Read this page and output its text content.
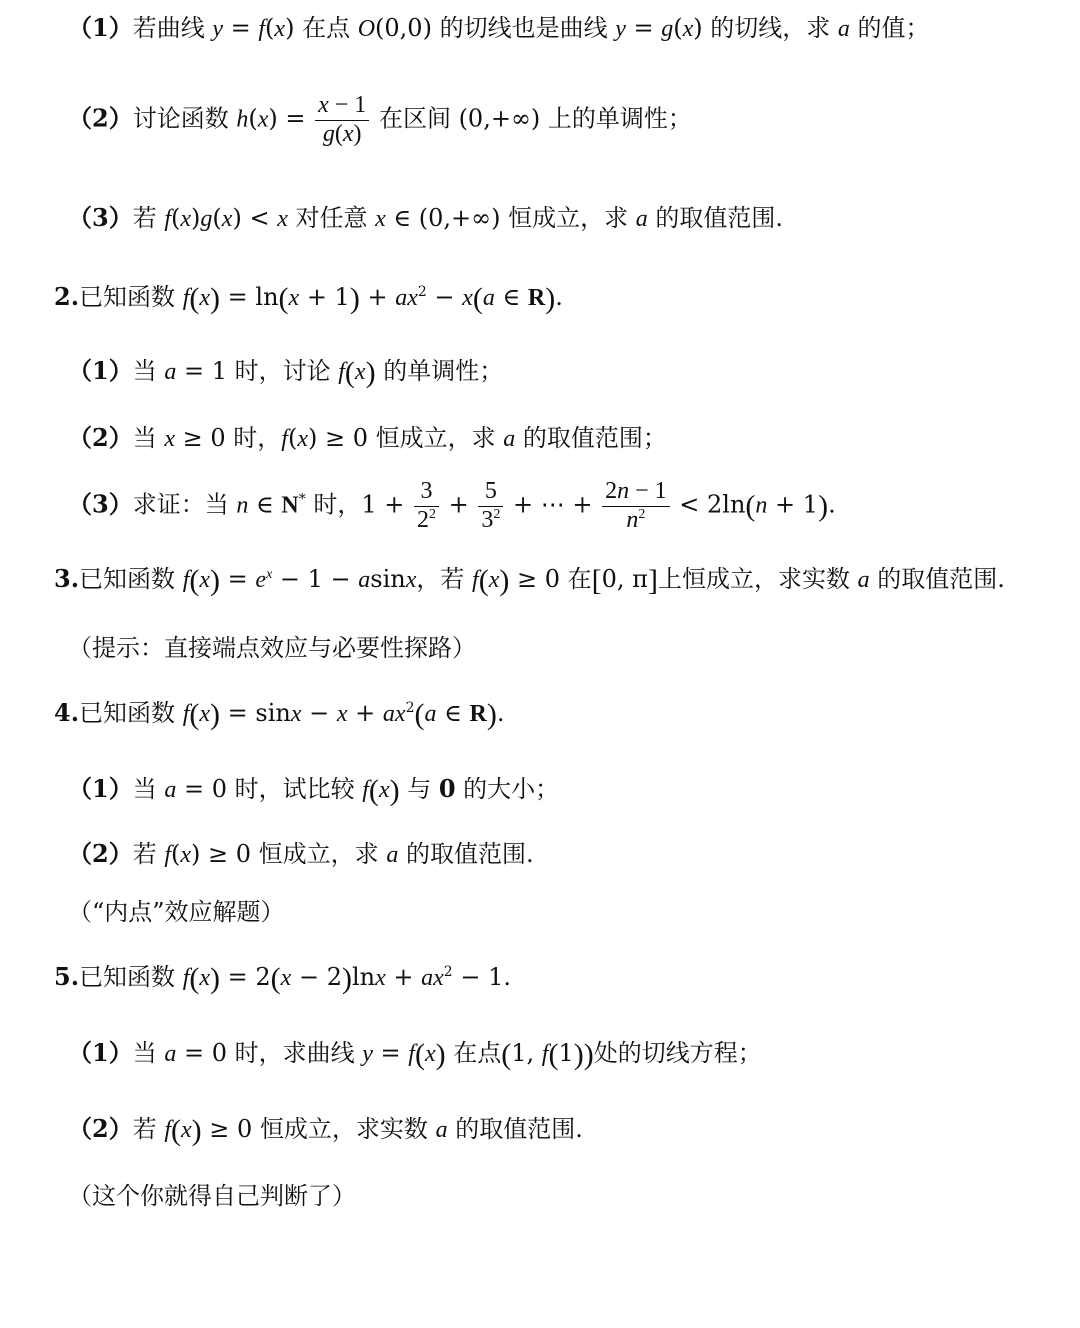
（1）若曲线 y = f(x) 在点 O(0,0) 的切线也是曲线 y = g(x) 的切线，求 a 的值；
（2）讨论函数 $h(x) = \frac{x - 1}{g(x)}$ 在区间 (0,+∞) 上的单调性；
（3）若 f(x)g(x) < x 对任意 x ∈ (0,+∞) 恒成立，求 a 的取值范围.
2.已知函数 $f(x) = \ln(x + 1) + ax^2 - x(a$ ∈ R).
（1）当 a = 1 时，讨论 f(x) 的单调性；
（2）当 x ≥ 0 时，f(x) ≥ 0 恒成立，求 a 的取值范围；
（3）求证：当 n ∈ N* 时，$1 + \frac{3}{2^2} + \frac{5}{3^2}$ + ⋯ + $\frac{2n - 1}{n^2} < 2\ln(n + 1)$.
3.已知函数 $f(x) = e^x - 1 - asinx$，若 f(x) ≥ 0 在[0, π]上恒成立，求实数 a 的取值范围.
（提示：直接端点效应与必要性探路）
4.已知函数 $f(x) = \sin x - x + ax^2(a$ ∈ R).
（1）当 a = 0 时，试比较 f(x) 与 0 的大小；
（2）若 f(x) ≥ 0 恒成立，求 a 的取值范围.
（“内点”效应解题）
5.已知函数 $f(x) = 2(x - 2)\ln x + ax^2 - 1$.
（1）当 a = 0 时，求曲线 y = f(x) 在点(1, f(1))处的切线方程；
（2）若 f(x) ≥ 0 恒成立，求实数 a 的取值范围.
（这个你就得自己判断了）
